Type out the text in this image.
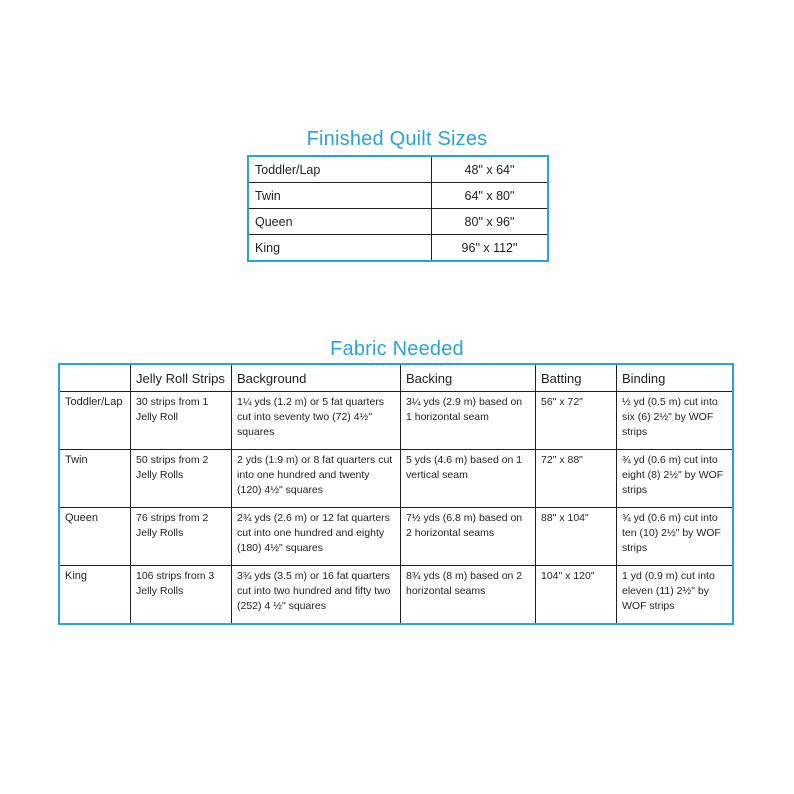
Finished Quilt Sizes
Toddler/Lap	48" x 64"
Twin	64" x 80"
Queen	80" x 96"
King	96" x 112"
Fabric Needed
	Jelly Roll Strips	Background	Backing	Batting	Binding
Toddler/Lap	30 strips from 1 Jelly Roll	1¼ yds (1.2 m) or 5 fat quarters cut into seventy two (72) 4½" squares	3¼ yds (2.9 m) based on 1 horizontal seam	56" x 72"	½ yd (0.5 m) cut into six (6) 2½" by WOF strips
Twin	50 strips from 2 Jelly Rolls	2 yds (1.9 m) or 8 fat quarters cut into one hundred and twenty (120) 4½" squares	5 yds (4.6 m) based on 1 vertical seam	72" x 88"	¾ yd (0.6 m) cut into eight (8) 2½" by WOF strips
Queen	76 strips from 2 Jelly Rolls	2¾ yds (2.6 m) or 12 fat quarters cut into one hundred and eighty (180) 4½" squares	7½ yds (6.8 m) based on 2 horizontal seams	88" x 104"	¾ yd (0.6 m) cut into ten (10) 2½" by WOF strips
King	106 strips from 3 Jelly Rolls	3¾ yds (3.5 m) or 16 fat quarters cut into two hundred and fifty two (252) 4 ½" squares	8¾ yds (8 m) based on 2 horizontal seams	104" x 120"	1 yd (0.9 m) cut into eleven (11) 2½" by WOF strips
